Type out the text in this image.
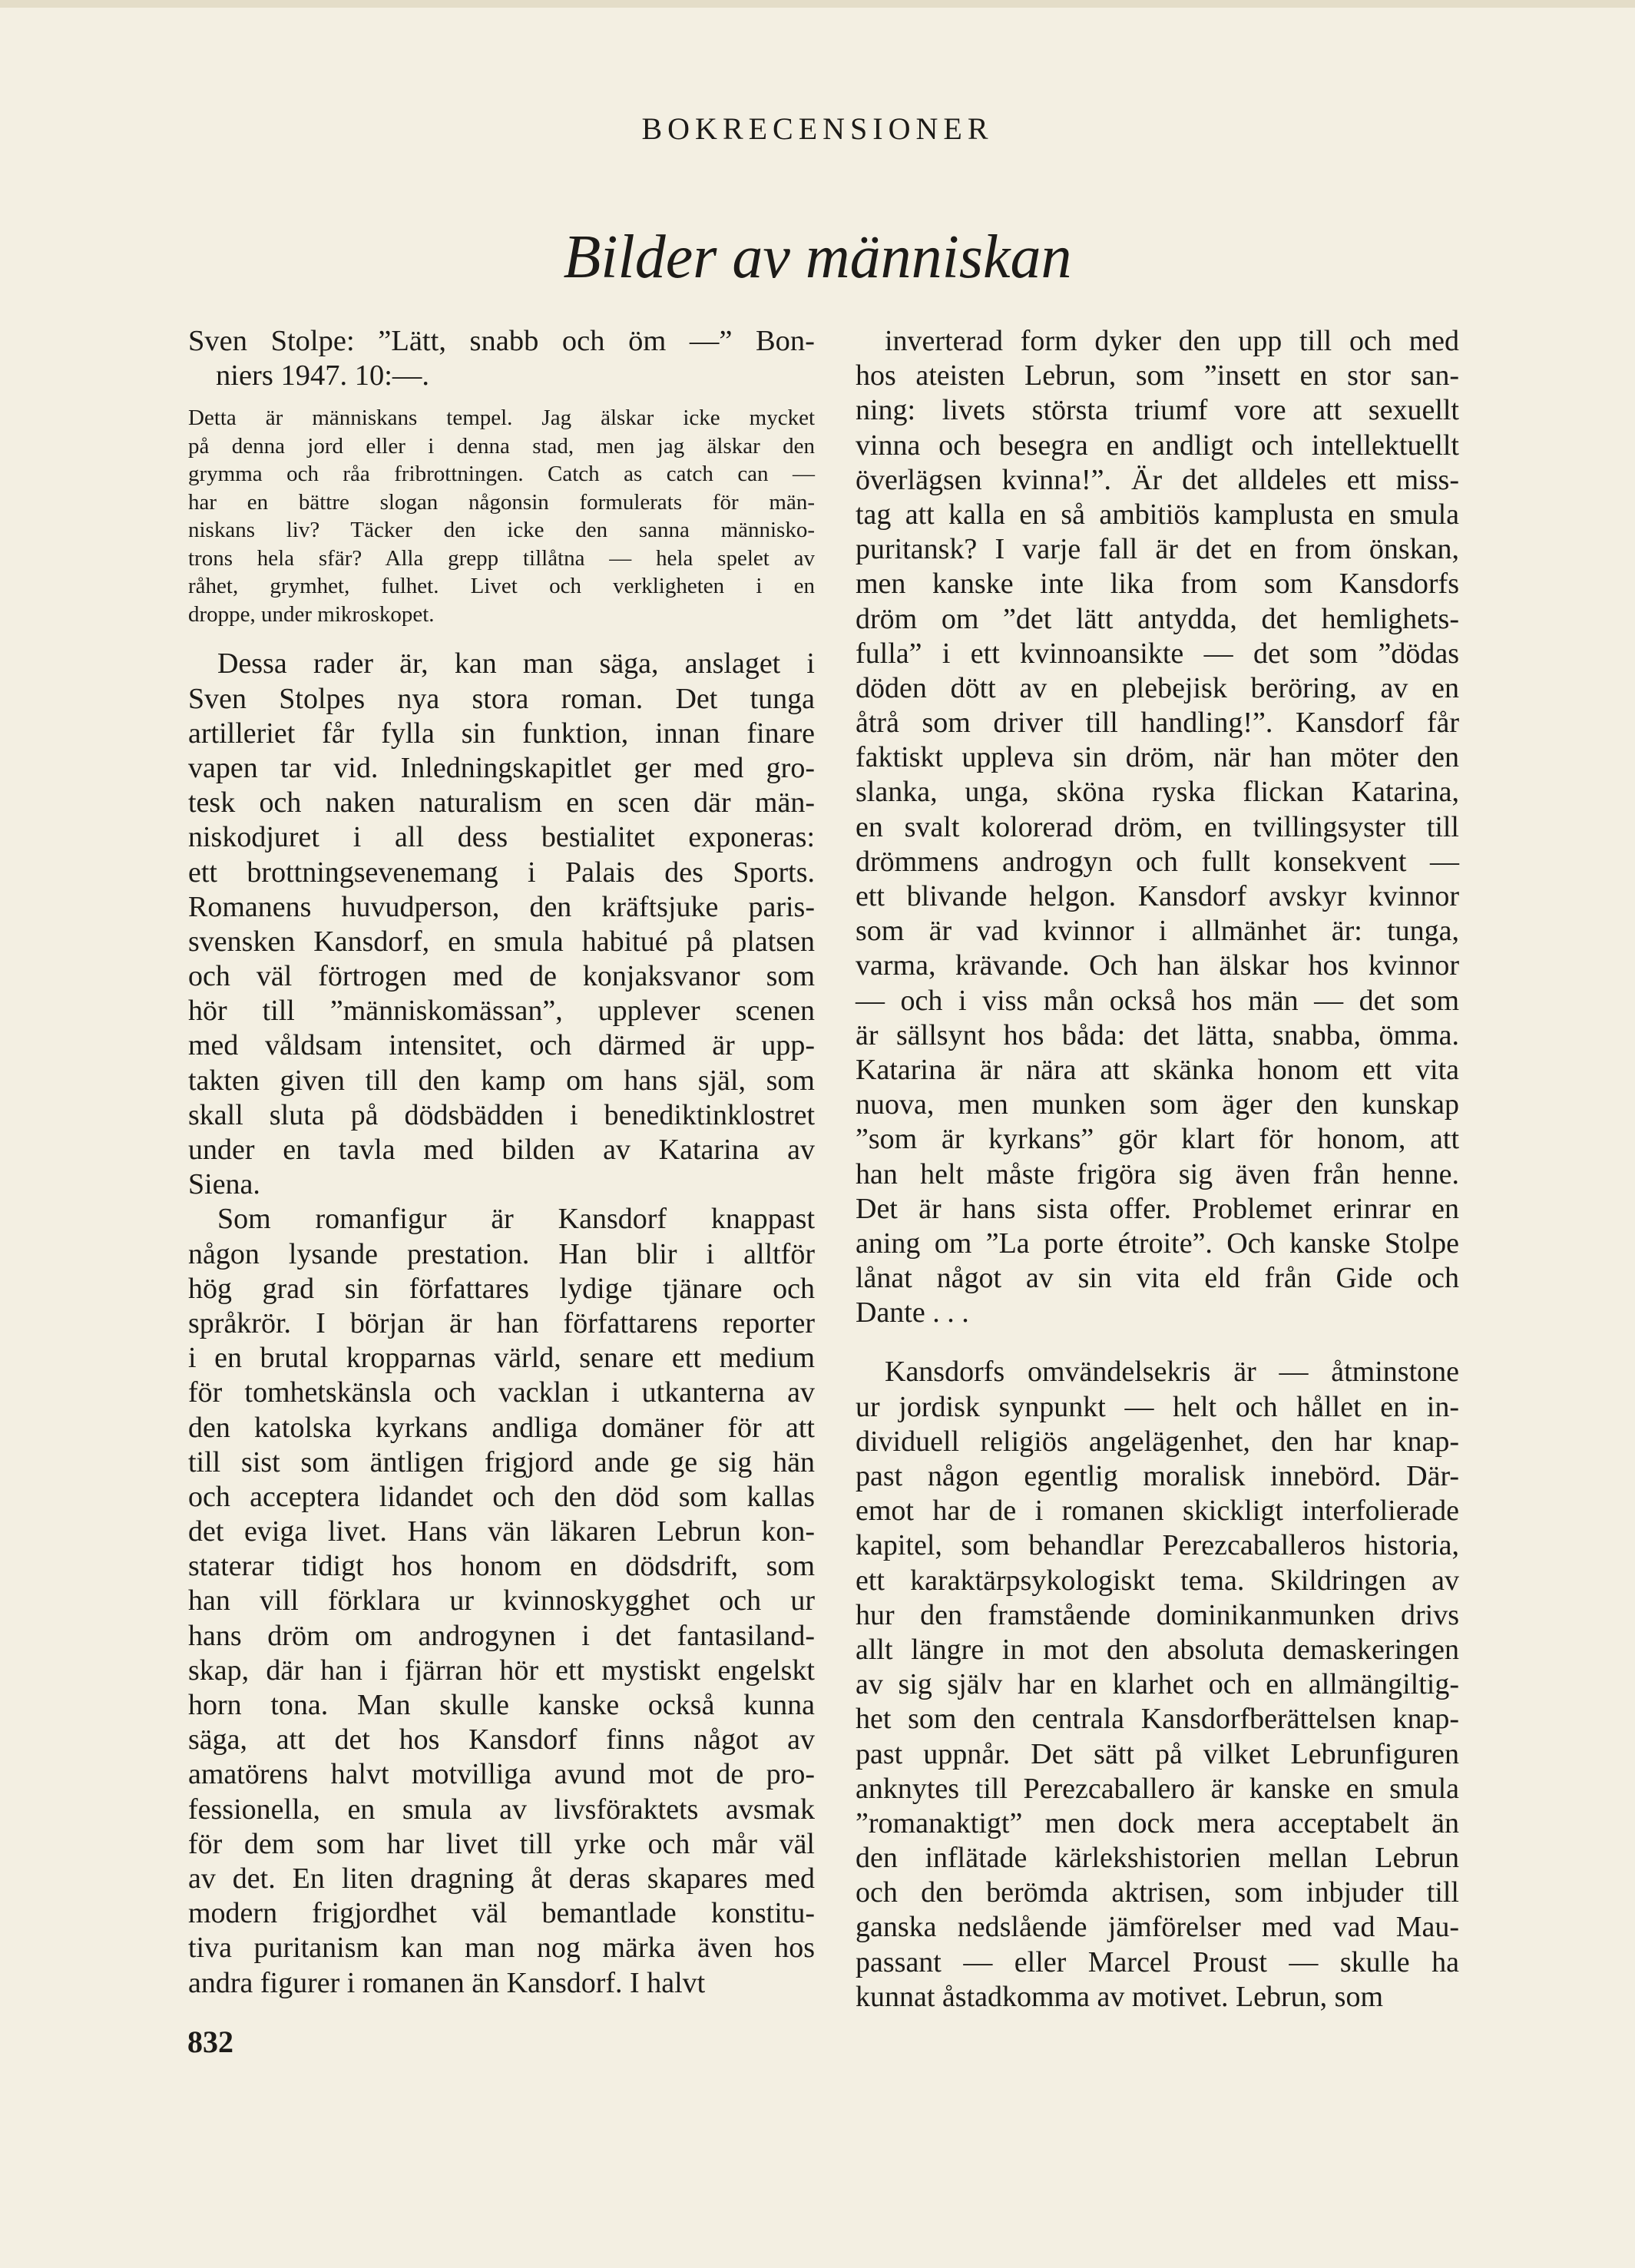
BOKRECENSIONER
Bilder av människan
Sven Stolpe: ”Lätt, snabb och öm —” Bon-
niers 1947. 10:—.
Detta är människans tempel. Jag älskar icke mycket
på denna jord eller i denna stad, men jag älskar den
grymma och råa fribrottningen. Catch as catch can —
har en bättre slogan någonsin formulerats för män-
niskans liv? Täcker den icke den sanna människo-
trons hela sfär? Alla grepp tillåtna — hela spelet av
råhet, grymhet, fulhet. Livet och verkligheten i en
droppe, under mikroskopet.
Dessa rader är, kan man säga, anslaget i
Sven Stolpes nya stora roman. Det tunga
artilleriet får fylla sin funktion, innan finare
vapen tar vid. Inledningskapitlet ger med gro-
tesk och naken naturalism en scen där män-
niskodjuret i all dess bestialitet exponeras:
ett brottningsevenemang i Palais des Sports.
Romanens huvudperson, den kräftsjuke paris-
svensken Kansdorf, en smula habitué på platsen
och väl förtrogen med de konjaksvanor som
hör till ”människomässan”, upplever scenen
med våldsam intensitet, och därmed är upp-
takten given till den kamp om hans själ, som
skall sluta på dödsbädden i benediktinklostret
under en tavla med bilden av Katarina av
Siena.
Som romanfigur är Kansdorf knappast
någon lysande prestation. Han blir i alltför
hög grad sin författares lydige tjänare och
språkrör. I början är han författarens reporter
i en brutal kropparnas värld, senare ett medium
för tomhetskänsla och vacklan i utkanterna av
den katolska kyrkans andliga domäner för att
till sist som äntligen frigjord ande ge sig hän
och acceptera lidandet och den död som kallas
det eviga livet. Hans vän läkaren Lebrun kon-
staterar tidigt hos honom en dödsdrift, som
han vill förklara ur kvinnoskygghet och ur
hans dröm om androgynen i det fantasiland-
skap, där han i fjärran hör ett mystiskt engelskt
horn tona. Man skulle kanske också kunna
säga, att det hos Kansdorf finns något av
amatörens halvt motvilliga avund mot de pro-
fessionella, en smula av livsföraktets avsmak
för dem som har livet till yrke och mår väl
av det. En liten dragning åt deras skapares med
modern frigjordhet väl bemantlade konstitu-
tiva puritanism kan man nog märka även hos
andra figurer i romanen än Kansdorf. I halvt
inverterad form dyker den upp till och med
hos ateisten Lebrun, som ”insett en stor san-
ning: livets största triumf vore att sexuellt
vinna och besegra en andligt och intellektuellt
överlägsen kvinna!”. Är det alldeles ett miss-
tag att kalla en så ambitiös kamplusta en smula
puritansk? I varje fall är det en from önskan,
men kanske inte lika from som Kansdorfs
dröm om ”det lätt antydda, det hemlighets-
fulla” i ett kvinnoansikte — det som ”dödas
döden dött av en plebejisk beröring, av en
åtrå som driver till handling!”. Kansdorf får
faktiskt uppleva sin dröm, när han möter den
slanka, unga, sköna ryska flickan Katarina,
en svalt kolorerad dröm, en tvillingsyster till
drömmens androgyn och fullt konsekvent —
ett blivande helgon. Kansdorf avskyr kvinnor
som är vad kvinnor i allmänhet är: tunga,
varma, krävande. Och han älskar hos kvinnor
— och i viss mån också hos män — det som
är sällsynt hos båda: det lätta, snabba, ömma.
Katarina är nära att skänka honom ett vita
nuova, men munken som äger den kunskap
”som är kyrkans” gör klart för honom, att
han helt måste frigöra sig även från henne.
Det är hans sista offer. Problemet erinrar en
aning om ”La porte étroite”. Och kanske Stolpe
lånat något av sin vita eld från Gide och
Dante . . .
Kansdorfs omvändelsekris är — åtminstone
ur jordisk synpunkt — helt och hållet en in-
dividuell religiös angelägenhet, den har knap-
past någon egentlig moralisk innebörd. Där-
emot har de i romanen skickligt interfolierade
kapitel, som behandlar Perezcaballeros historia,
ett karaktärpsykologiskt tema. Skildringen av
hur den framstående dominikanmunken drivs
allt längre in mot den absoluta demaskeringen
av sig själv har en klarhet och en allmängiltig-
het som den centrala Kansdorfberättelsen knap-
past uppnår. Det sätt på vilket Lebrunfiguren
anknytes till Perezcaballero är kanske en smula
”romanaktigt” men dock mera acceptabelt än
den inflätade kärlekshistorien mellan Lebrun
och den berömda aktrisen, som inbjuder till
ganska nedslående jämförelser med vad Mau-
passant — eller Marcel Proust — skulle ha
kunnat åstadkomma av motivet. Lebrun, som
832
